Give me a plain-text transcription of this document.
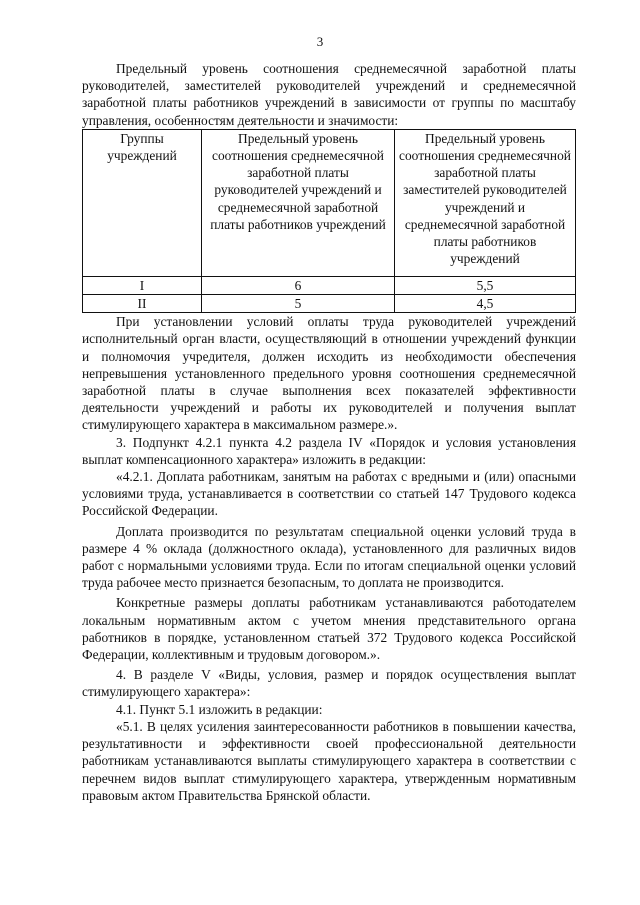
3

Предельный уровень соотношения среднемесячной заработной платы руководителей, заместителей руководителей учреждений и среднемесячной заработной платы работников учреждений в зависимости от группы по масштабу управления, особенностям деятельности и значимости:

Группы учреждений	Предельный уровень соотношения среднемесячной заработной платы руководителей учреждений и среднемесячной заработной платы работников учреждений	Предельный уровень соотношения среднемесячной заработной платы заместителей руководителей учреждений и среднемесячной заработной платы работников учреждений
I	6	5,5
II	5	4,5

При установлении условий оплаты труда руководителей учреждений исполнительный орган власти, осуществляющий в отношении учреждений функции и полномочия учредителя, должен исходить из необходимости обеспечения непревышения установленного предельного уровня соотношения среднемесячной заработной платы в случае выполнения всех показателей эффективности деятельности учреждений и работы их руководителей и получения выплат стимулирующего характера в максимальном размере.».

3. Подпункт 4.2.1 пункта 4.2 раздела IV «Порядок и условия установления выплат компенсационного характера» изложить в редакции:

«4.2.1. Доплата работникам, занятым на работах с вредными и (или) опасными условиями труда, устанавливается в соответствии со статьей 147 Трудового кодекса Российской Федерации.

Доплата производится по результатам специальной оценки условий труда в размере 4 % оклада (должностного оклада), установленного для различных видов работ с нормальными условиями труда. Если по итогам специальной оценки условий труда рабочее место признается безопасным, то доплата не производится.

Конкретные размеры доплаты работникам устанавливаются работодателем локальным нормативным актом с учетом мнения представительного органа работников в порядке, установленном статьей 372 Трудового кодекса Российской Федерации, коллективным и трудовым договором.».

4. В разделе V «Виды, условия, размер и порядок осуществления выплат стимулирующего характера»:

4.1. Пункт 5.1 изложить в редакции:

«5.1. В целях усиления заинтересованности работников в повышении качества, результативности и эффективности своей профессиональной деятельности работникам устанавливаются выплаты стимулирующего характера в соответствии с перечнем видов выплат стимулирующего характера, утвержденным нормативным правовым актом Правительства Брянской области.
